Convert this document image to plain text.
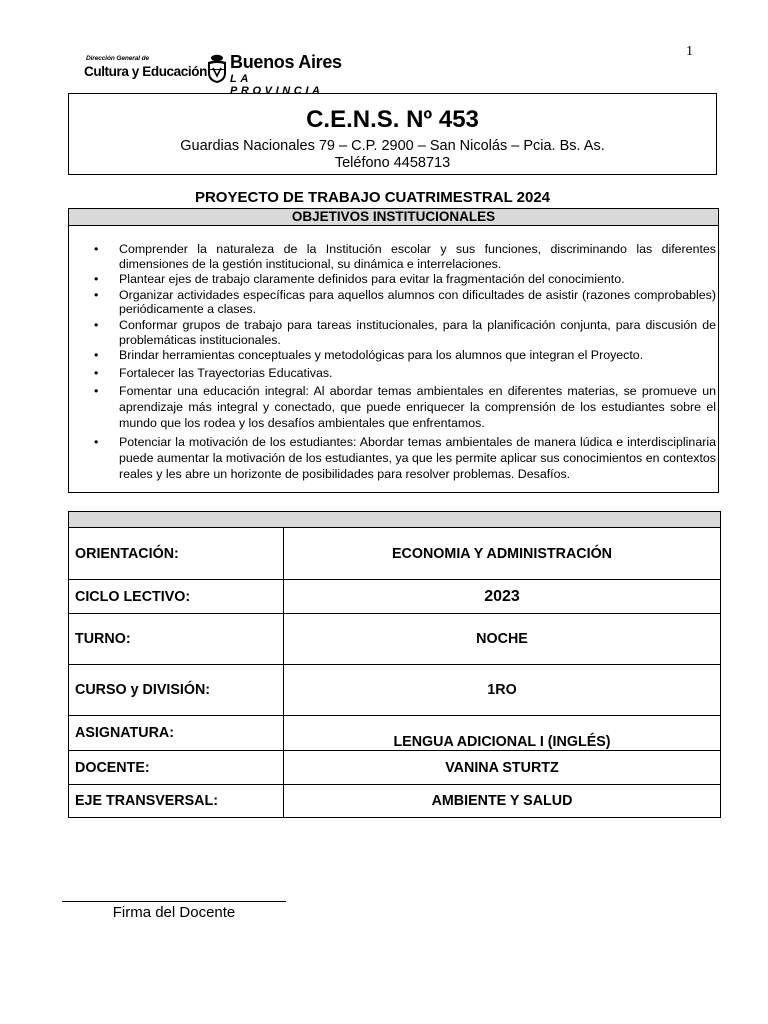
1
Dirección General de
Cultura y Educación Buenos Aires
LA PROVINCIA
C.E.N.S. Nº 453
Guardias Nacionales 79 – C.P. 2900 – San Nicolás – Pcia. Bs. As.
Teléfono 4458713
PROYECTO DE TRABAJO CUATRIMESTRAL 2024
OBJETIVOS INSTITUCIONALES
• Comprender la naturaleza de la Institución escolar y sus funciones, discriminando las diferentes dimensiones de la gestión institucional, su dinámica e interrelaciones.
• Plantear ejes de trabajo claramente definidos para evitar la fragmentación del conocimiento.
• Organizar actividades específicas para aquellos alumnos con dificultades de asistir (razones comprobables) periódicamente a clases.
• Conformar grupos de trabajo para tareas institucionales, para la planificación conjunta, para discusión de problemáticas institucionales.
• Brindar herramientas conceptuales y metodológicas para los alumnos que integran el Proyecto.
• Fortalecer las Trayectorias Educativas.
• Fomentar una educación integral: Al abordar temas ambientales en diferentes materias, se promueve un aprendizaje más integral y conectado, que puede enriquecer la comprensión de los estudiantes sobre el mundo que los rodea y los desafíos ambientales que enfrentamos.
• Potenciar la motivación de los estudiantes: Abordar temas ambientales de manera lúdica e interdisciplinaria puede aumentar la motivación de los estudiantes, ya que les permite aplicar sus conocimientos en contextos reales y les abre un horizonte de posibilidades para resolver problemas. Desafíos.

ORIENTACIÓN:	ECONOMIA Y ADMINISTRACIÓN
CICLO LECTIVO:	2023
TURNO:	NOCHE
CURSO y DIVISIÓN:	1RO
ASIGNATURA:	LENGUA ADICIONAL I (INGLÉS)
DOCENTE:	VANINA STURTZ
EJE TRANSVERSAL:	AMBIENTE Y SALUD
Firma del Docente
